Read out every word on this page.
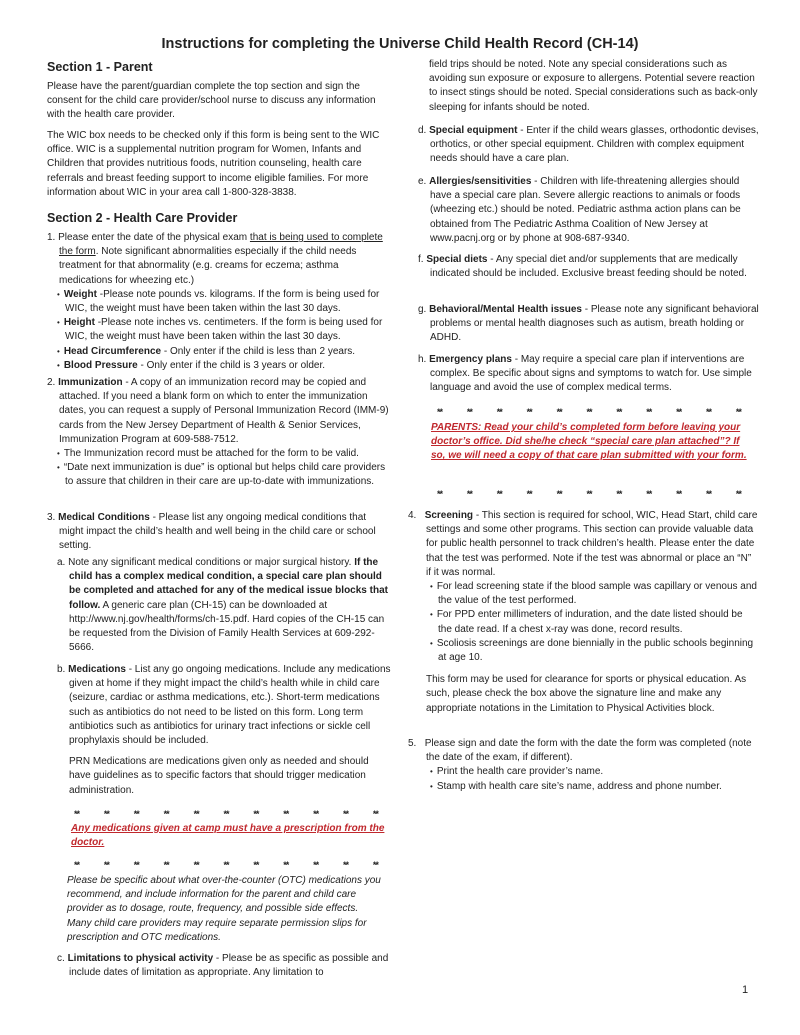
Instructions for completing the Universe Child Health Record (CH-14)
Section 1 - Parent

Please have the parent/guardian complete the top section and sign the consent for the child care provider/school nurse to discuss any information with the health care provider.

The WIC box needs to be checked only if this form is being sent to the WIC office. WIC is a supplemental nutrition program for Women, Infants and Children that provides nutritious foods, nutrition counseling, health care referrals and breast feeding support to income eligible families. For more information about WIC in your area call 1-800-328-3838.

Section 2 - Health Care Provider

1. Please enter the date of the physical exam that is being used to complete the form. Note significant abnormalities especially if the child needs treatment for that abnormality (e.g. creams for eczema; asthma medications for wheezing etc.)

• Weight -Please note pounds vs. kilograms. If the form is being used for WIC, the weight must have been taken within the last 30 days.
• Height -Please note inches vs. centimeters. If the form is being used for WIC, the weight must have been taken within the last 30 days.
• Head Circumference - Only enter if the child is less than 2 years.
• Blood Pressure - Only enter if the child is 3 years or older.

2. Immunization - A copy of an immunization record may be copied and attached. If you need a blank form on which to enter the immunization dates, you can request a supply of Personal Immunization Record (IMM-9) cards from the New Jersey Department of Health & Senior Services, Immunization Program at 609-588-7512.

• The Immunization record must be attached for the form to be valid.
• “Date next immunization is due” is optional but helps child care providers to assure that children in their care are up-to-date with immunizations.

3. Medical Conditions - Please list any ongoing medical conditions that might impact the child’s health and well being in the child care or school setting.

a. Note any significant medical conditions or major surgical history. If the child has a complex medical condition, a special care plan should be completed and attached for any of the medical issue blocks that follow. A generic care plan (CH-15) can be downloaded at http://www.nj.gov/health/forms/ch-15.pdf. Hard copies of the CH-15 can be requested from the Division of Family Health Services at 609-292-5666.

b. Medications - List any go ongoing medications. Include any medications given at home if they might impact the child’s health while in child care (seizure, cardiac or asthma medications, etc.). Short-term medications such as antibiotics do not need to be listed on this form. Long term antibiotics such as antibiotics for urinary tract infections or sickle cell prophylaxis should be included.

PRN Medications are medications given only as needed and should have guidelines as to specific factors that should trigger medication administration.

**	**	**	**	**	**	**	**	**	**	**

Any medications given at camp must have a prescription from the doctor.

**	**	**	**	**	**	**	**	**	**	**

Please be specific about what over-the-counter (OTC) medications you recommend, and include information for the parent and child care provider as to dosage, route, frequency, and possible side effects. Many child care providers may require separate permission slips for prescription and OTC medications.

c. Limitations to physical activity - Please be as specific as possible and include dates of limitation as appropriate. Any limitation to

field trips should be noted. Note any special considerations such as avoiding sun exposure or exposure to allergens. Potential severe reaction to insect stings should be noted. Special considerations such as back-only sleeping for infants should be noted.

d. Special equipment - Enter if the child wears glasses, orthodontic devises, orthotics, or other special equipment. Children with complex equipment needs should have a care plan.

e. Allergies/sensitivities - Children with life-threatening allergies should have a special care plan. Severe allergic reactions to animals or foods (wheezing etc.) should be noted. Pediatric asthma action plans can be obtained from The Pediatric Asthma Coalition of New Jersey at www.pacnj.org or by phone at 908-687-9340.

f. Special diets - Any special diet and/or supplements that are medically indicated should be included. Exclusive breast feeding should be noted.

g. Behavioral/Mental Health issues - Please note any significant behavioral problems or mental health diagnoses such as autism, breath holding or ADHD.

h. Emergency plans - May require a special care plan if interventions are complex. Be specific about signs and symptoms to watch for. Use simple language and avoid the use of complex medical terms.

**	**	**	**	**	**	**	**	**	**	**

PARENTS: Read your child’s completed form before leaving your doctor’s office. Did she/he check “special care plan attached”? If so, we will need a copy of that care plan submitted with your form.

**	**	**	**	**	**	**	**	**	**	**

4. Screening - This section is required for school, WIC, Head Start, child care settings and some other programs. This section can provide valuable data for public health personnel to track children’s health. Please enter the date that the test was performed. Note if the test was abnormal or place an “N” if it was normal.

• For lead screening state if the blood sample was capillary or venous and the value of the test performed.
• For PPD enter millimeters of induration, and the date listed should be the date read. If a chest x-ray was done, record results.
• Scoliosis screenings are done biennially in the public schools beginning at age 10.

This form may be used for clearance for sports or physical education. As such, please check the box above the signature line and make any appropriate notations in the Limitation to Physical Activities block.

5. Please sign and date the form with the date the form was completed (note the date of the exam, if different).

• Print the health care provider’s name.
• Stamp with health care site’s name, address and phone number.
1
